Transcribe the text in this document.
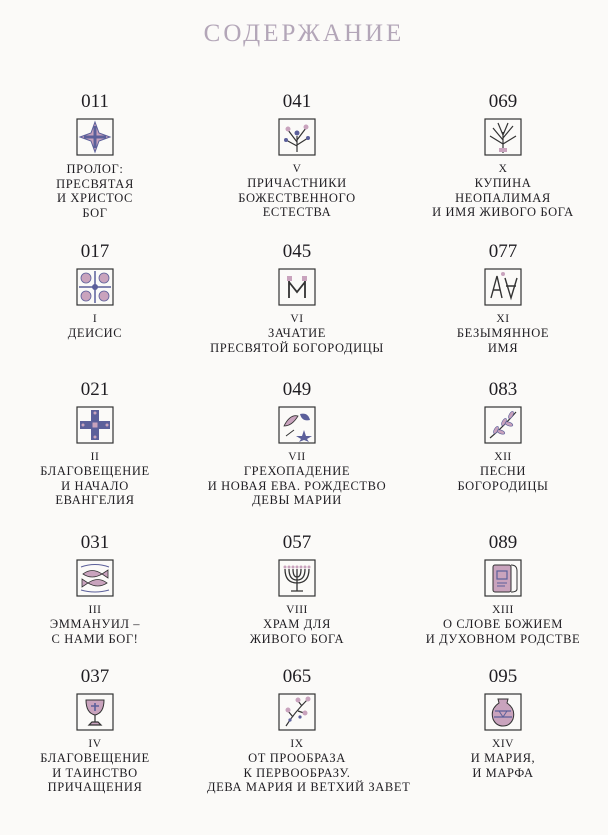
СОДЕРЖАНИЕ
011
ПРОЛОГ:
ПРЕСВЯТАЯ
И ХРИСТОС
БОГ
041
V
ПРИЧАСТНИКИ
БОЖЕСТВЕННОГО
ЕСТЕСТВА
069
X
КУПИНА
НЕОПАЛИМАЯ
И ИМЯ ЖИВОГО БОГА
017
I
ДЕИСИС
045
VI
ЗАЧАТИЕ
ПРЕСВЯТОЙ БОГОРОДИЦЫ
077
XI
БЕЗЫМЯННОЕ
ИМЯ
021
II
БЛАГОВЕЩЕНИЕ
И НАЧАЛО
ЕВАНГЕЛИЯ
049
VII
ГРЕХОПАДЕНИЕ
И НОВАЯ ЕВА. РОЖДЕСТВО
ДЕВЫ МАРИИ
083
XII
ПЕСНИ
БОГОРОДИЦЫ
031
III
ЭММАНУИЛ –
С НАМИ БОГ!
057
VIII
ХРАМ ДЛЯ
ЖИВОГО БОГА
089
XIII
О СЛОВЕ БОЖИЕМ
И ДУХОВНОМ РОДСТВЕ
037
IV
БЛАГОВЕЩЕНИЕ
И ТАИНСТВО
ПРИЧАЩЕНИЯ
065
IX
ОТ ПРООБРАЗА
К ПЕРВООБРАЗУ.
ДЕВА МАРИЯ И ВЕТХИЙ ЗАВЕТ
095
XIV
И МАРИЯ,
И МАРФА
